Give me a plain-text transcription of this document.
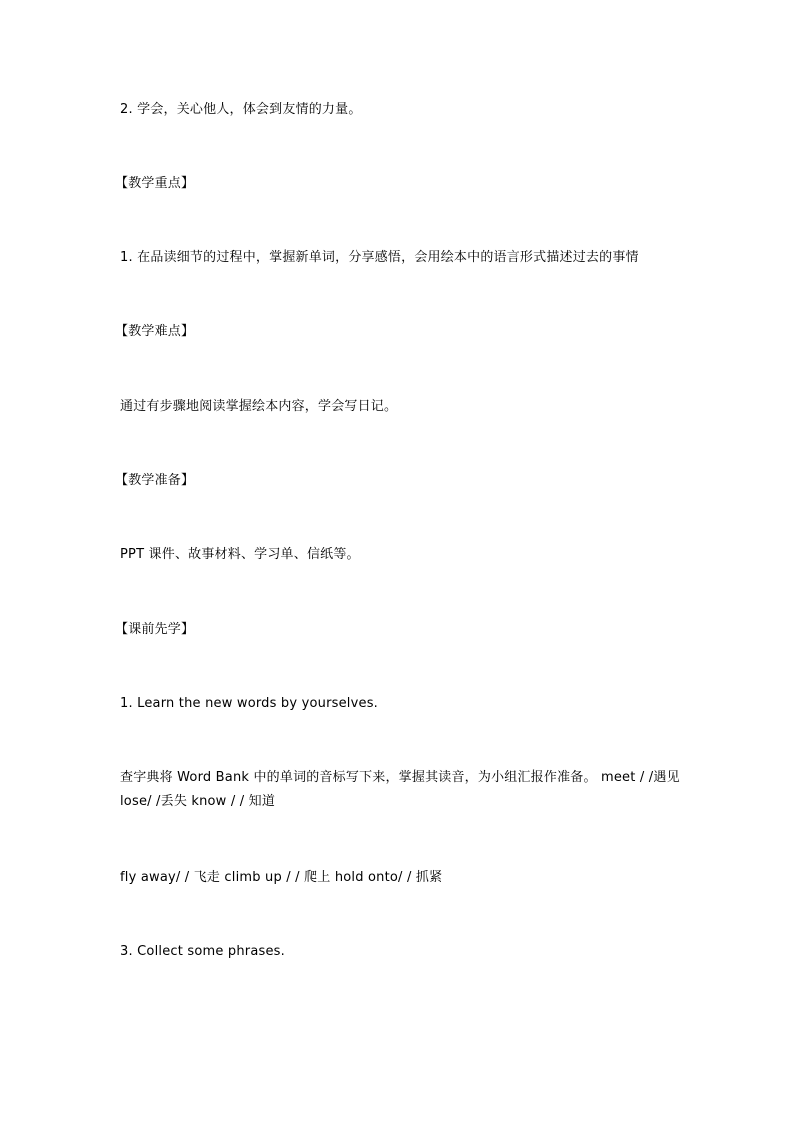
2. 学会，关心他人，体会到友情的力量。
【教学重点】
1. 在品读细节的过程中，掌握新单词，分享感悟，会用绘本中的语言形式描述过去的事情
【教学难点】
通过有步骤地阅读掌握绘本内容，学会写日记。
【教学准备】
PPT 课件、故事材料、学习单、信纸等。
【课前先学】
1. Learn the new words by yourselves.
查字典将 Word Bank 中的单词的音标写下来，掌握其读音，为小组汇报作准备。 meet / /遇见 lose/ /丢失 know / / 知道
fly away/ / 飞走 climb up / / 爬上 hold onto/ / 抓紧
3. Collect some phrases.
